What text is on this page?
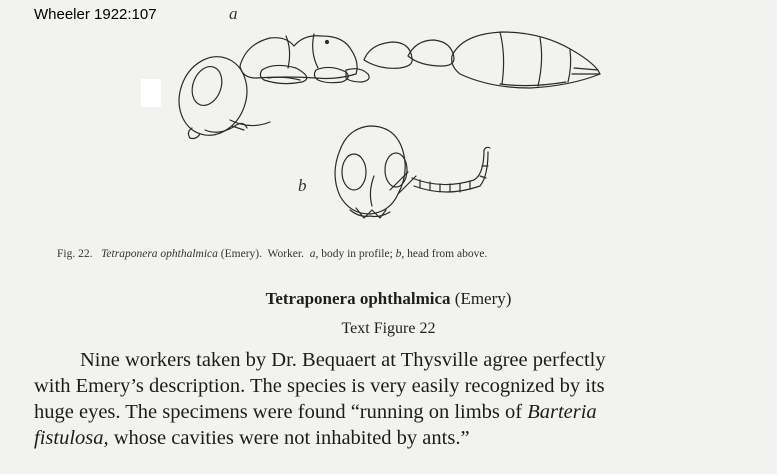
Wheeler 1922:107	a
b
Fig. 22. Tetraponera ophthalmica (Emery). Worker. a, body in profile; b, head from above.
Tetraponera ophthalmica (Emery)
Text Figure 22
Nine workers taken by Dr. Bequaert at Thysville agree perfectly
with Emery’s description. The species is very easily recognized by its
huge eyes. The specimens were found “running on limbs of Barteria
fistulosa, whose cavities were not inhabited by ants.”
